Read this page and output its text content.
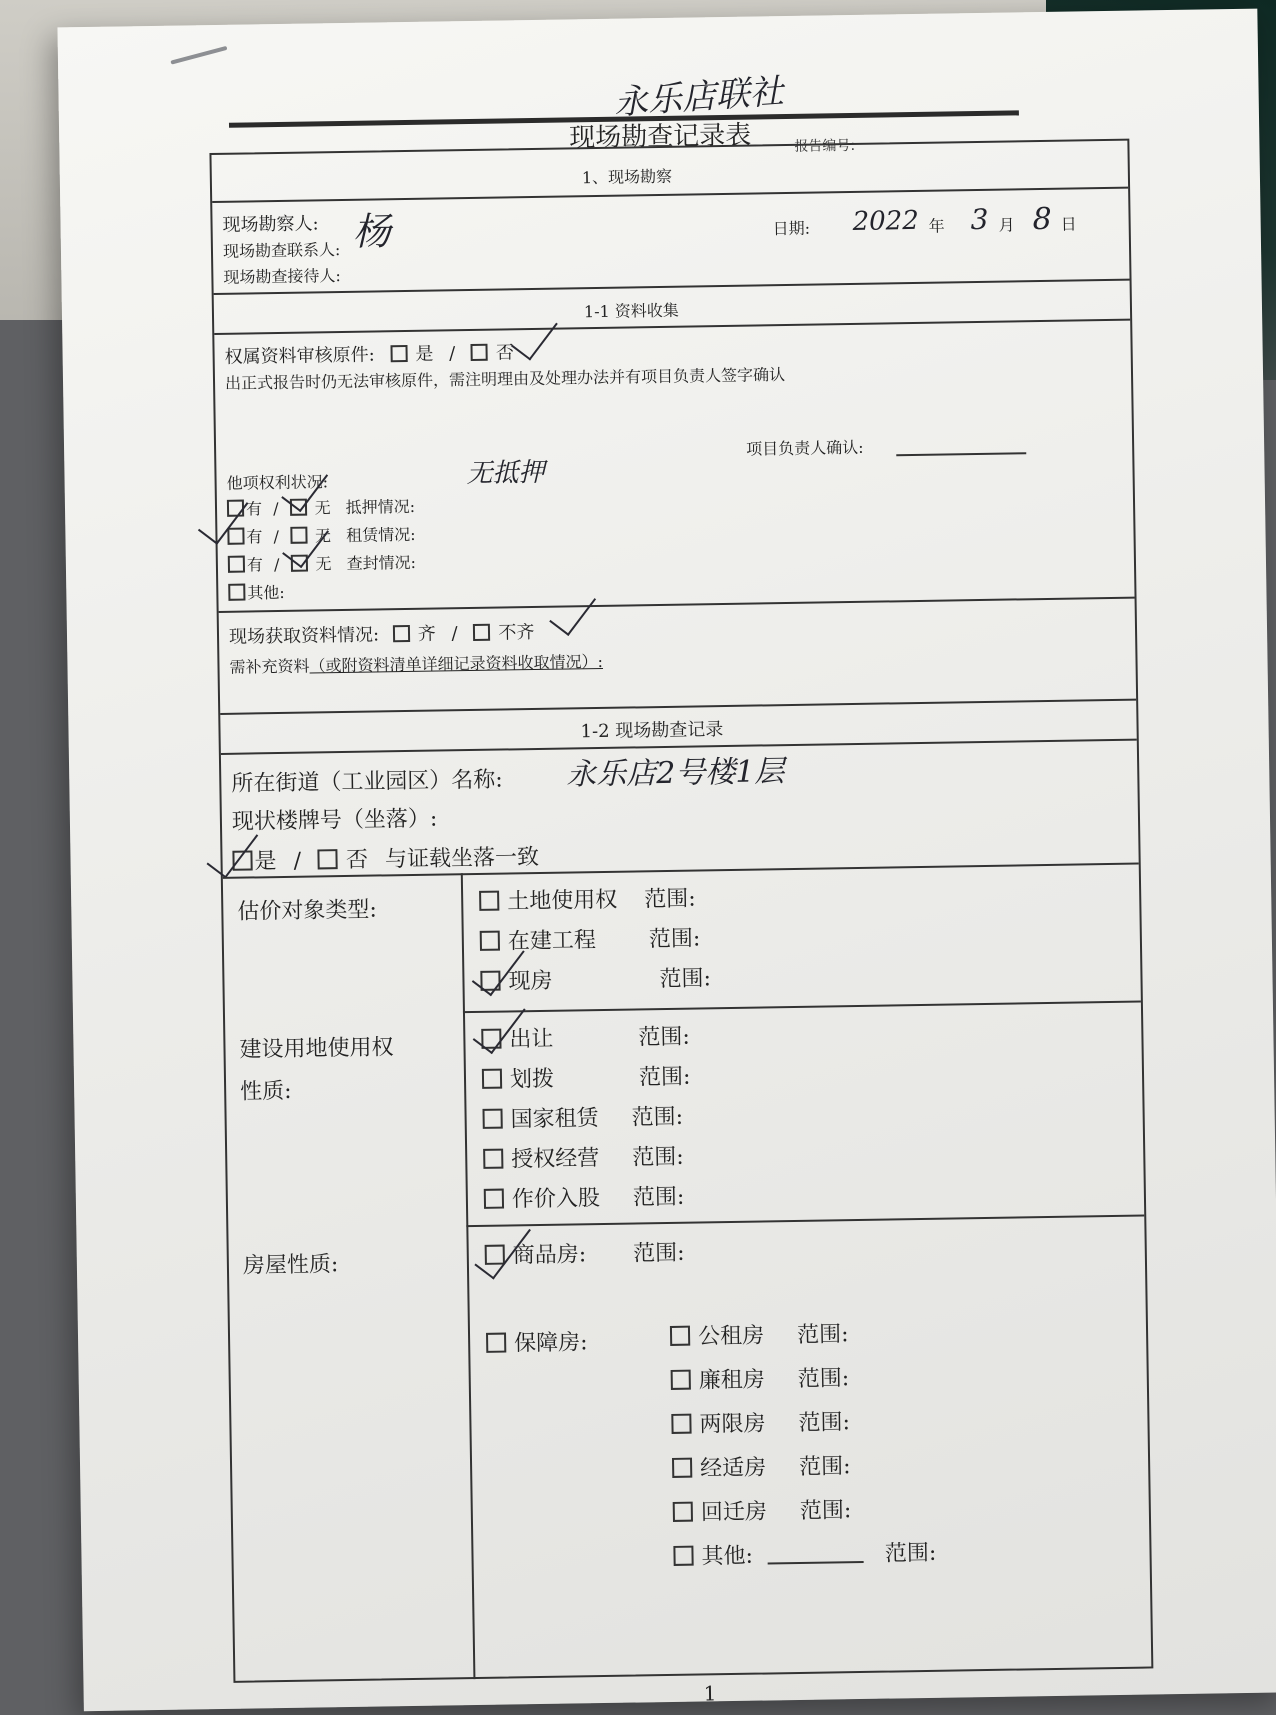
永乐店联社
现场勘查记录表	报告编号:
1、现场勘察
现场勘察人: 杨
现场勘查联系人:
现场勘查接待人:
日期: 2022 年 3 月 8 日
1-1 资料收集
权属资料审核原件: 是 / 否
出正式报告时仍无法审核原件，需注明理由及处理办法并有项目负责人签字确认
项目负责人确认:
他项权利状况:	无抵押
有 / 无 抵押情况:
有 / 无 租赁情况:
有 / 无 查封情况:
其他:
现场获取资料情况: 齐 / 不齐
需补充资料（或附资料清单详细记录资料收取情况）:
1-2 现场勘查记录
所在街道（工业园区）名称: 永乐店2号楼1层
现状楼牌号（坐落）:
是 / 否 与证载坐落一致
估价对象类型:	土地使用权 范围:
在建工程 范围:
现房	范围:
建设用地使用权
性质:
出让	范围:
划拨	范围:
国家租赁 范围:
授权经营 范围:
作价入股 范围:
房屋性质:	商品房: 范围:
保障房:	公租房 范围:
廉租房 范围:
两限房 范围:
经适房 范围:
回迁房 范围:
其他:	范围:
1
